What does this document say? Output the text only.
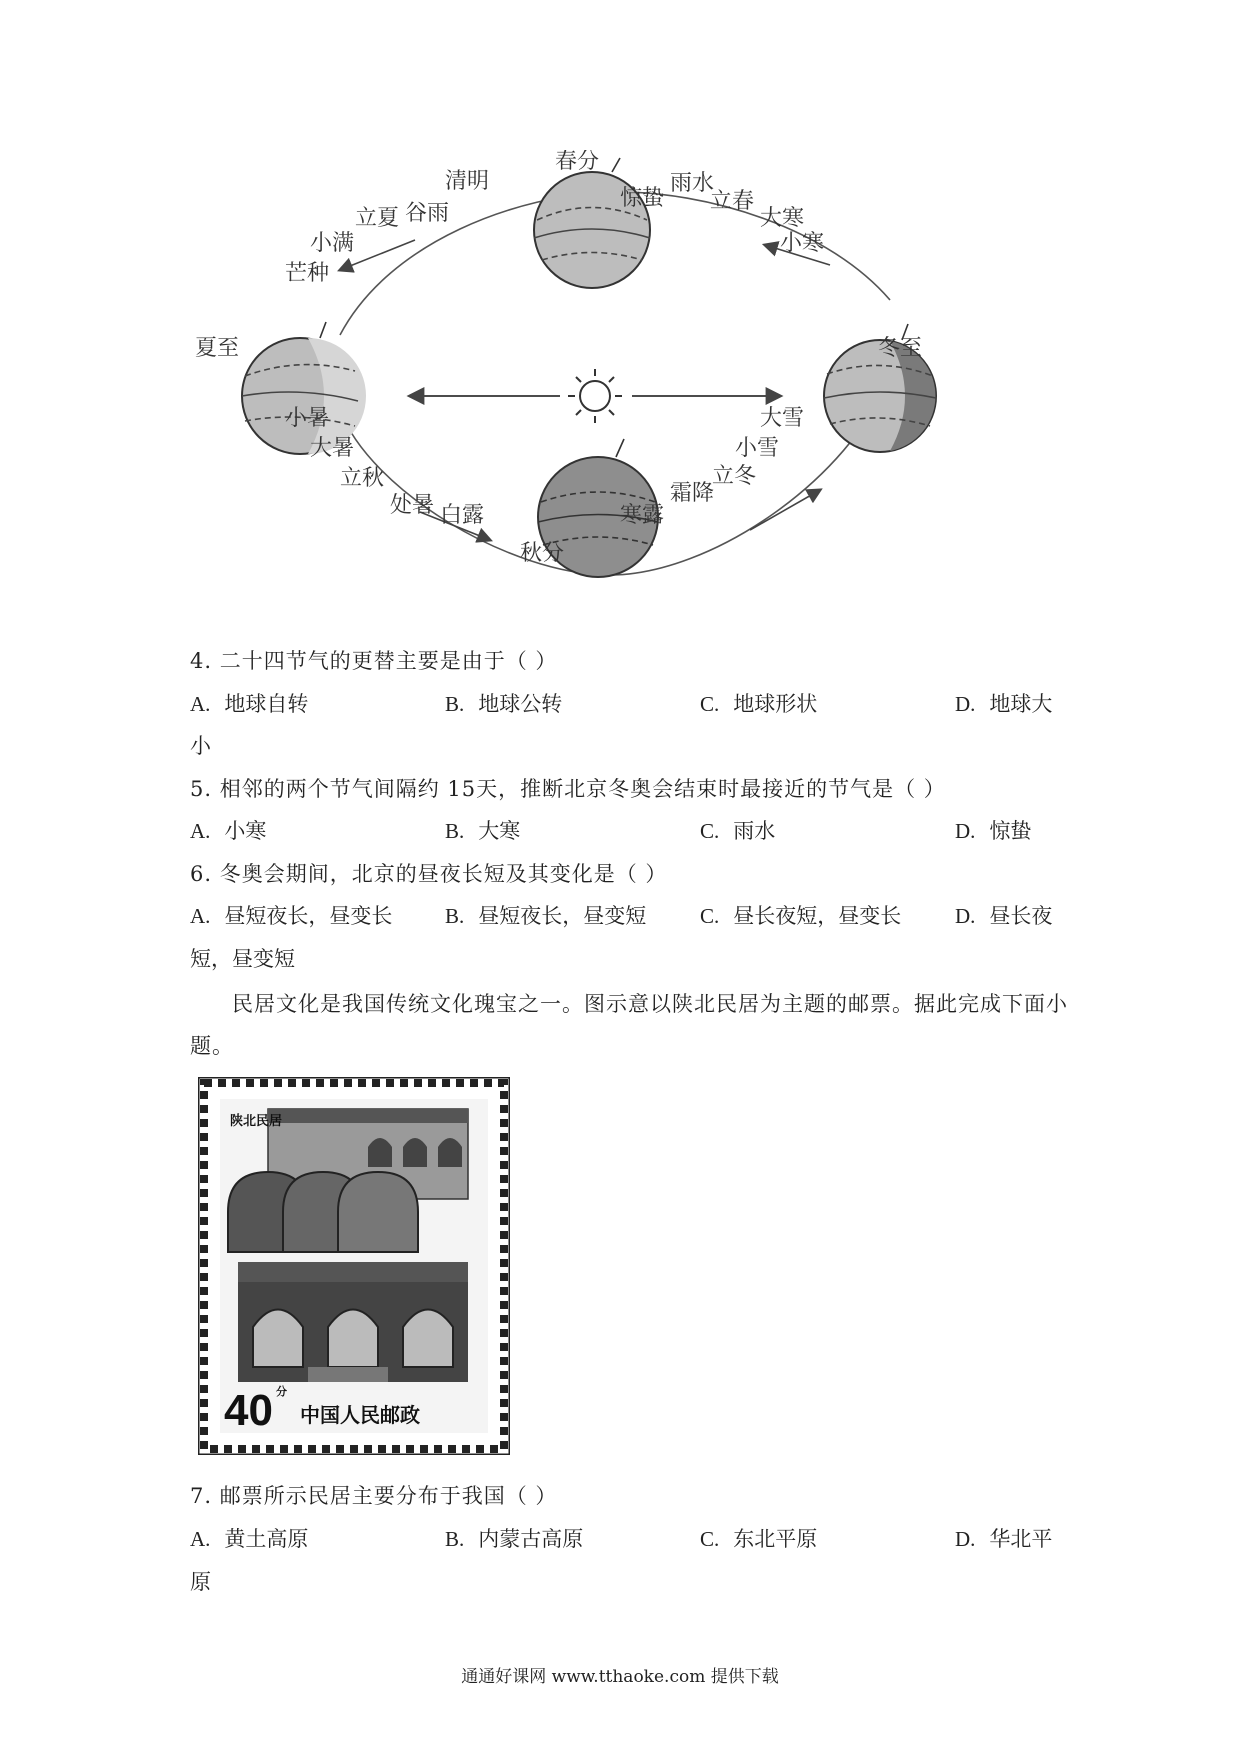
春分
清明
谷雨
立夏
小满
芒种
夏至
小暑
大暑
立秋
处暑 白露
秋分
寒露
霜降
立冬
小雪
大雪
冬至
小寒
大寒
立春
雨水
惊蛰
4. 二十四节气的更替主要是由于（ ）
A. 地球自转	B. 地球公转	C. 地球形状	D. 地球大
小
5. 相邻的两个节气间隔约 15天，推断北京冬奥会结束时最接近的节气是（ ）
A. 小寒	B. 大寒	C. 雨水	D. 惊蛰
6. 冬奥会期间，北京的昼夜长短及其变化是（ ）
A. 昼短夜长，昼变长	B. 昼短夜长，昼变短	C. 昼长夜短，昼变长	D. 昼长夜
短，昼变短
民居文化是我国传统文化瑰宝之一。图示意以陕北民居为主题的邮票。据此完成下面小
题。
陕北民居
40 分
中国人民邮政
7. 邮票所示民居主要分布于我国（ ）
A. 黄土高原	B. 内蒙古高原	C. 东北平原	D. 华北平
原
通通好课网 www.tthaoke.com 提供下载
